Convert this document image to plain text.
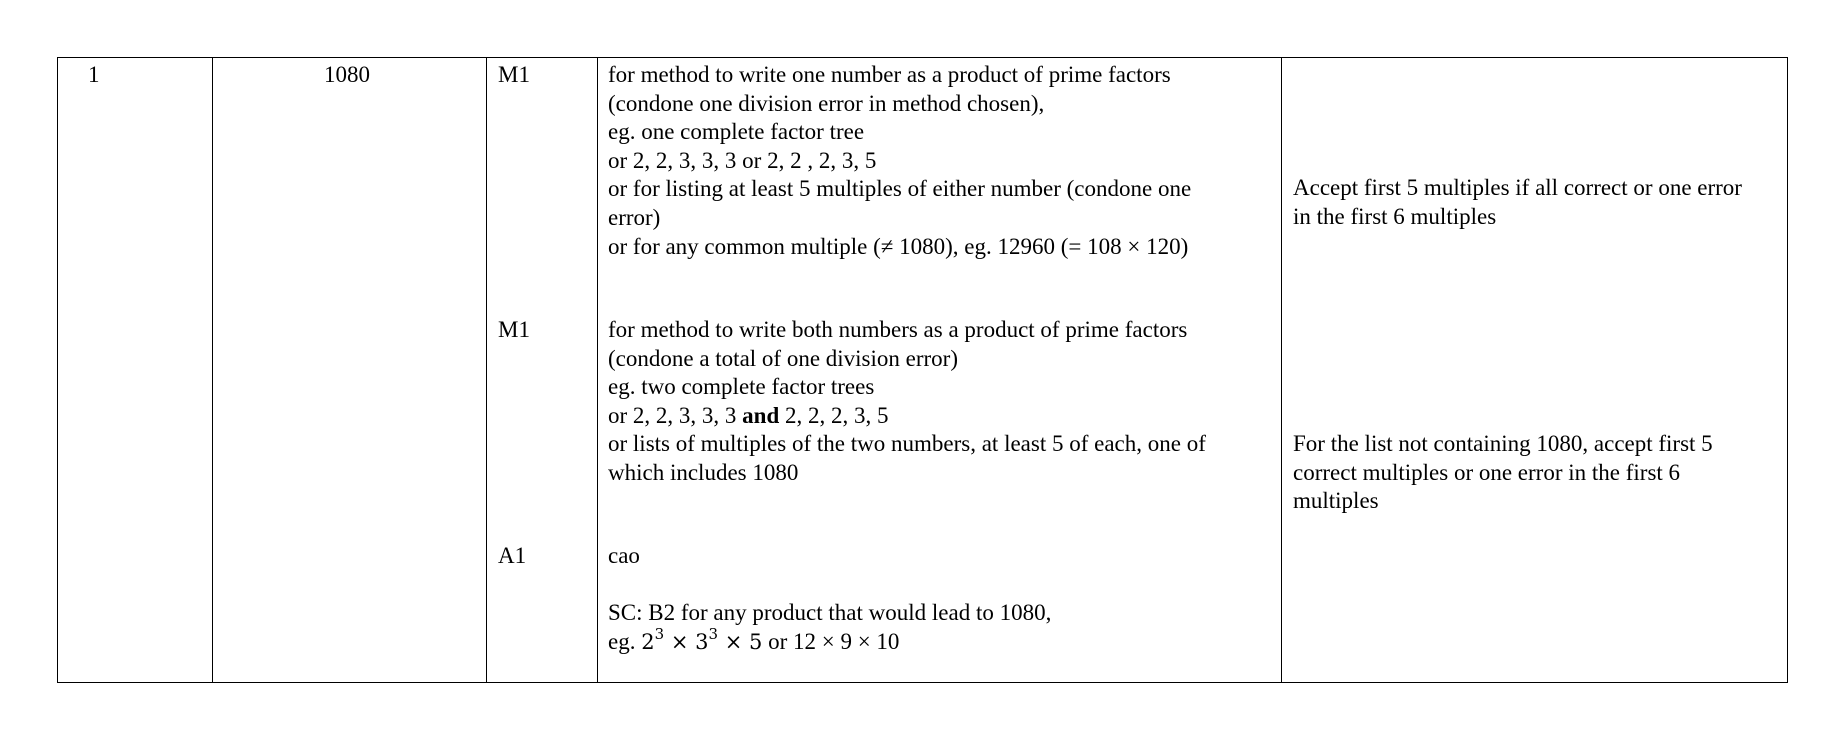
1	1080	M1
M1
A1
for method to write one number as a product of prime factors
(condone one division error in method chosen),
eg. one complete factor tree
or 2, 2, 3, 3, 3 or 2, 2 , 2, 3, 5
or for listing at least 5 multiples of either number (condone one
error)
or for any common multiple (≠ 1080), eg. 12960 (= 108 × 120)
for method to write both numbers as a product of prime factors
(condone a total of one division error)
eg. two complete factor trees
or 2, 2, 3, 3, 3 and 2, 2, 2, 3, 5
or lists of multiples of the two numbers, at least 5 of each, one of
which includes 1080
cao
SC: B2 for any product that would lead to 1080,
eg. $2^3 \times 3^3 \times 5$ or 12 × 9 × 10
Accept first 5 multiples if all correct or one error
in the first 6 multiples
For the list not containing 1080, accept first 5
correct multiples or one error in the first 6
multiples
